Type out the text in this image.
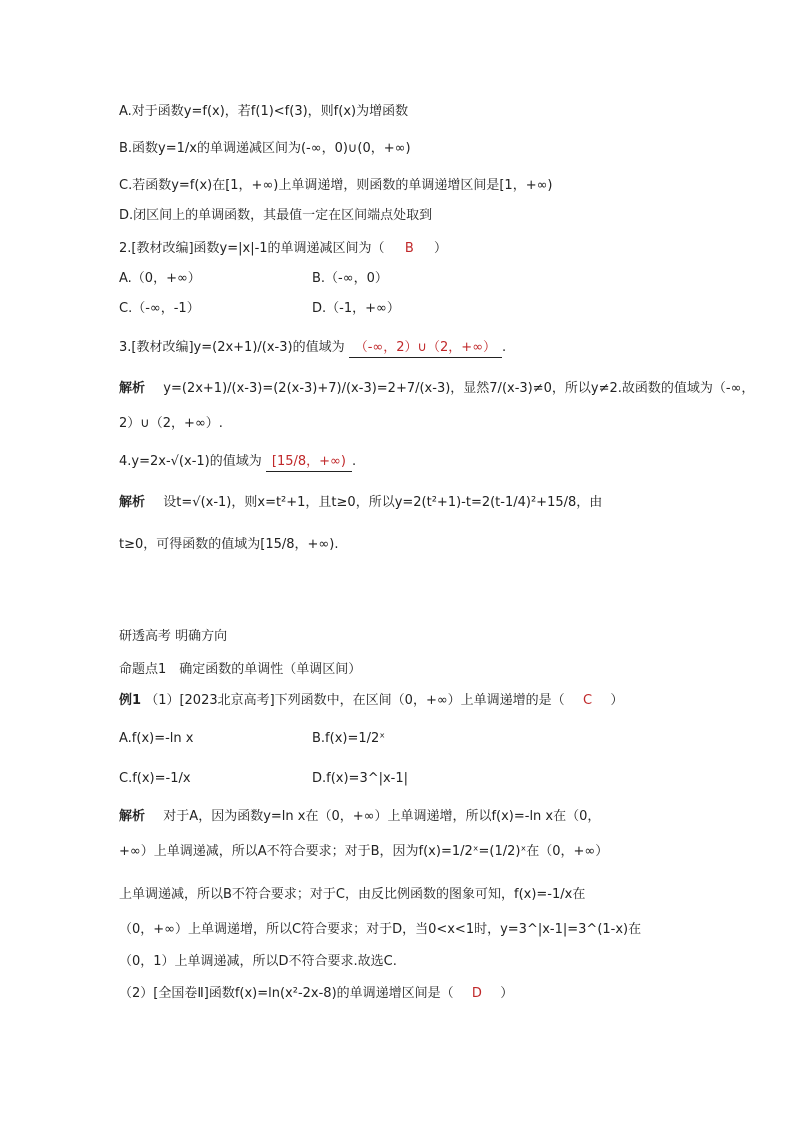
A.对于函数y=f(x)，若f(1)<f(3)，则f(x)为增函数
B.函数y=1/x的单调递减区间为(-∞，0)∪(0，+∞)
C.若函数y=f(x)在[1，+∞)上单调递增，则函数的单调递增区间是[1，+∞)
D.闭区间上的单调函数，其最值一定在区间端点处取到
2.[教材改编]函数y=|x|-1的单调递减区间为（ B ）
A.（0，+∞）	B.（-∞，0）
C.（-∞，-1）	D.（-1，+∞）
3.[教材改编]y=(2x+1)/(x-3)的值域为 （-∞，2）∪（2，+∞） .
解析 y=(2x+1)/(x-3)=(2(x-3)+7)/(x-3)=2+7/(x-3)，显然7/(x-3)≠0，所以y≠2.故函数的值域为（-∞，
2）∪（2，+∞）.
4.y=2x-√(x-1)的值域为 [15/8，+∞) .
解析 设t=√(x-1)，则x=t²+1，且t≥0，所以y=2(t²+1)-t=2(t-1/4)²+15/8，由
t≥0，可得函数的值域为[15/8，+∞).
研透高考 明确方向
命题点1　确定函数的单调性（单调区间）
例1 （1）[2023北京高考]下列函数中，在区间（0，+∞）上单调递增的是（ C ）
A.f(x)=-ln x	B.f(x)=1/2ˣ
C.f(x)=-1/x	D.f(x)=3^|x-1|
解析 对于A，因为函数y=ln x在（0，+∞）上单调递增，所以f(x)=-ln x在（0，
+∞）上单调递减，所以A不符合要求；对于B，因为f(x)=1/2ˣ=(1/2)ˣ在（0，+∞）
上单调递减，所以B不符合要求；对于C，由反比例函数的图象可知，f(x)=-1/x在
（0，+∞）上单调递增，所以C符合要求；对于D，当0<x<1时，y=3^|x-1|=3^(1-x)在
（0，1）上单调递减，所以D不符合要求.故选C.
（2）[全国卷Ⅱ]函数f(x)=ln(x²-2x-8)的单调递增区间是（ D ）
